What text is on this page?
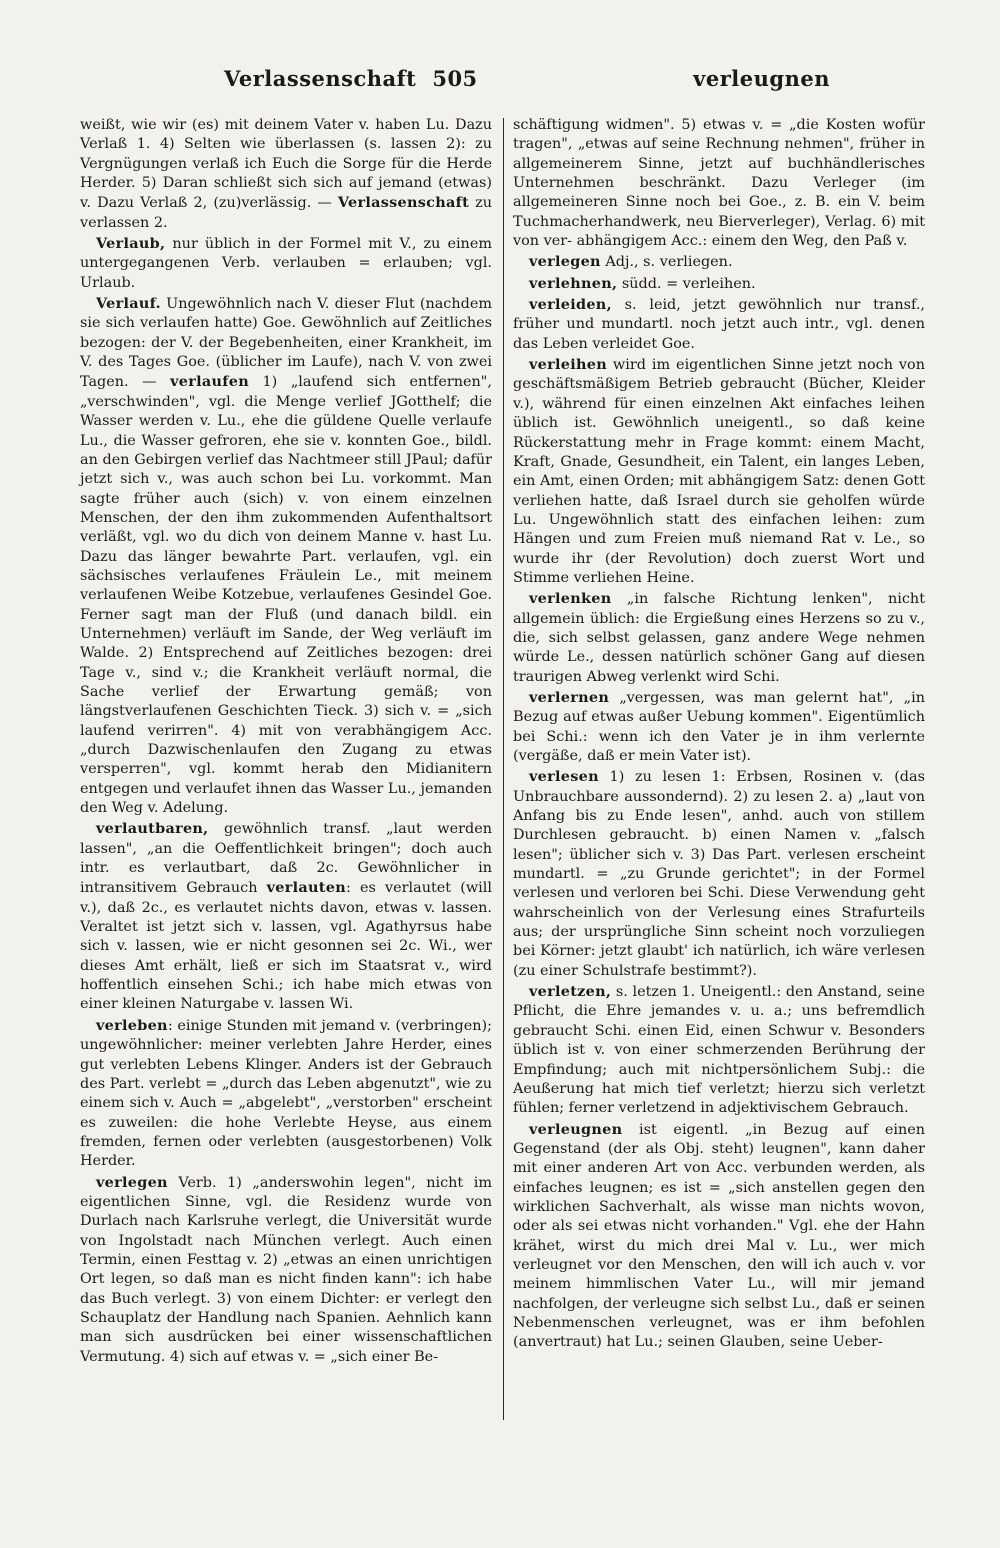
Verlassenschaft 505	verleugnen

weißt, wie wir (es) mit deinem Vater v. haben Lu. Dazu Verlaß 1. 4) Selten wie überlassen (s. lassen 2): zu Vergnügungen verlaß ich Euch die Sorge für die Herde Herder. 5) Daran schließt sich sich auf jemand (etwas) v. Dazu Verlaß 2, (zu)verlässig. — Verlassenschaft zu verlassen 2.

Verlaub, nur üblich in der Formel mit V., zu einem untergegangenen Verb. verlauben = erlauben; vgl. Urlaub.

Verlauf. Ungewöhnlich nach V. dieser Flut (nachdem sie sich verlaufen hatte) Goe. Gewöhnlich auf Zeitliches bezogen: der V. der Begebenheiten, einer Krankheit, im V. des Tages Goe. (üblicher im Laufe), nach V. von zwei Tagen. — verlaufen 1) „laufend sich entfernen", „verschwinden", vgl. die Menge verlief JGotthelf; die Wasser werden v. Lu., ehe die güldene Quelle verlaufe Lu., die Wasser gefroren, ehe sie v. konnten Goe., bildl. an den Gebirgen verlief das Nachtmeer still JPaul; dafür jetzt sich v., was auch schon bei Lu. vorkommt. Man sagte früher auch (sich) v. von einem einzelnen Menschen, der den ihm zukommenden Aufenthaltsort verläßt, vgl. wo du dich von deinem Manne v. hast Lu. Dazu das länger bewahrte Part. verlaufen, vgl. ein sächsisches verlaufenes Fräulein Le., mit meinem verlaufenen Weibe Kotzebue, verlaufenes Gesindel Goe. Ferner sagt man der Fluß (und danach bildl. ein Unternehmen) verläuft im Sande, der Weg verläuft im Walde. 2) Entsprechend auf Zeitliches bezogen: drei Tage v., sind v.; die Krankheit verläuft normal, die Sache verlief der Erwartung gemäß; von längstverlaufenen Geschichten Tieck. 3) sich v. = „sich laufend verirren". 4) mit von verabhängigem Acc. „durch Dazwischenlaufen den Zugang zu etwas versperren", vgl. kommt herab den Midianitern entgegen und verlaufet ihnen das Wasser Lu., jemanden den Weg v. Adelung.

verlautbaren, gewöhnlich transf. „laut werden lassen", „an die Oeffentlichkeit bringen"; doch auch intr. es verlautbart, daß 2c. Gewöhnlicher in intransitivem Gebrauch verlauten: es verlautet (will v.), daß 2c., es verlautet nichts davon, etwas v. lassen. Veraltet ist jetzt sich v. lassen, vgl. Agathyrsus habe sich v. lassen, wie er nicht gesonnen sei 2c. Wi., wer dieses Amt erhält, ließ er sich im Staatsrat v., wird hoffentlich einsehen Schi.; ich habe mich etwas von einer kleinen Naturgabe v. lassen Wi.

verleben: einige Stunden mit jemand v. (verbringen); ungewöhnlicher: meiner verlebten Jahre Herder, eines gut verlebten Lebens Klinger. Anders ist der Gebrauch des Part. verlebt = „durch das Leben abgenutzt", wie zu einem sich v. Auch = „abgelebt", „verstorben" erscheint es zuweilen: die hohe Verlebte Heyse, aus einem fremden, fernen oder verlebten (ausgestorbenen) Volk Herder.

verlegen Verb. 1) „anderswohin legen", nicht im eigentlichen Sinne, vgl. die Residenz wurde von Durlach nach Karlsruhe verlegt, die Universität wurde von Ingolstadt nach München verlegt. Auch einen Termin, einen Festtag v. 2) „etwas an einen unrichtigen Ort legen, so daß man es nicht finden kann": ich habe das Buch verlegt. 3) von einem Dichter: er verlegt den Schauplatz der Handlung nach Spanien. Aehnlich kann man sich ausdrücken bei einer wissenschaftlichen Vermutung. 4) sich auf etwas v. = „sich einer Be-

schäftigung widmen". 5) etwas v. = „die Kosten wofür tragen", „etwas auf seine Rechnung nehmen", früher in allgemeinerem Sinne, jetzt auf buchhändlerisches Unternehmen beschränkt. Dazu Verleger (im allgemeineren Sinne noch bei Goe., z. B. ein V. beim Tuchmacherhandwerk, neu Bierverleger), Verlag. 6) mit von ver- abhängigem Acc.: einem den Weg, den Paß v.

verlegen Adj., s. verliegen.

verlehnen, südd. = verleihen.

verleiden, s. leid, jetzt gewöhnlich nur transf., früher und mundartl. noch jetzt auch intr., vgl. denen das Leben verleidet Goe.

verleihen wird im eigentlichen Sinne jetzt noch von geschäftsmäßigem Betrieb gebraucht (Bücher, Kleider v.), während für einen einzelnen Akt einfaches leihen üblich ist. Gewöhnlich uneigentl., so daß keine Rückerstattung mehr in Frage kommt: einem Macht, Kraft, Gnade, Gesundheit, ein Talent, ein langes Leben, ein Amt, einen Orden; mit abhängigem Satz: denen Gott verliehen hatte, daß Israel durch sie geholfen würde Lu. Ungewöhnlich statt des einfachen leihen: zum Hängen und zum Freien muß niemand Rat v. Le., so wurde ihr (der Revolution) doch zuerst Wort und Stimme verliehen Heine.

verlenken „in falsche Richtung lenken", nicht allgemein üblich: die Ergießung eines Herzens so zu v., die, sich selbst gelassen, ganz andere Wege nehmen würde Le., dessen natürlich schöner Gang auf diesen traurigen Abweg verlenkt wird Schi.

verlernen „vergessen, was man gelernt hat", „in Bezug auf etwas außer Uebung kommen". Eigentümlich bei Schi.: wenn ich den Vater je in ihm verlernte (vergäße, daß er mein Vater ist).

verlesen 1) zu lesen 1: Erbsen, Rosinen v. (das Unbrauchbare aussondernd). 2) zu lesen 2. a) „laut von Anfang bis zu Ende lesen", anhd. auch von stillem Durchlesen gebraucht. b) einen Namen v. „falsch lesen"; üblicher sich v. 3) Das Part. verlesen erscheint mundartl. = „zu Grunde gerichtet"; in der Formel verlesen und verloren bei Schi. Diese Verwendung geht wahrscheinlich von der Verlesung eines Strafurteils aus; der ursprüngliche Sinn scheint noch vorzuliegen bei Körner: jetzt glaubt' ich natürlich, ich wäre verlesen (zu einer Schulstrafe bestimmt?).

verletzen, s. letzen 1. Uneigentl.: den Anstand, seine Pflicht, die Ehre jemandes v. u. a.; uns befremdlich gebraucht Schi. einen Eid, einen Schwur v. Besonders üblich ist v. von einer schmerzenden Berührung der Empfindung; auch mit nichtpersönlichem Subj.: die Aeußerung hat mich tief verletzt; hierzu sich verletzt fühlen; ferner verletzend in adjektivischem Gebrauch.

verleugnen ist eigentl. „in Bezug auf einen Gegenstand (der als Obj. steht) leugnen", kann daher mit einer anderen Art von Acc. verbunden werden, als einfaches leugnen; es ist = „sich anstellen gegen den wirklichen Sachverhalt, als wisse man nichts wovon, oder als sei etwas nicht vorhanden." Vgl. ehe der Hahn krähet, wirst du mich drei Mal v. Lu., wer mich verleugnet vor den Menschen, den will ich auch v. vor meinem himmlischen Vater Lu., will mir jemand nachfolgen, der verleugne sich selbst Lu., daß er seinen Nebenmenschen verleugnet, was er ihm befohlen (anvertraut) hat Lu.; seinen Glauben, seine Ueber-
